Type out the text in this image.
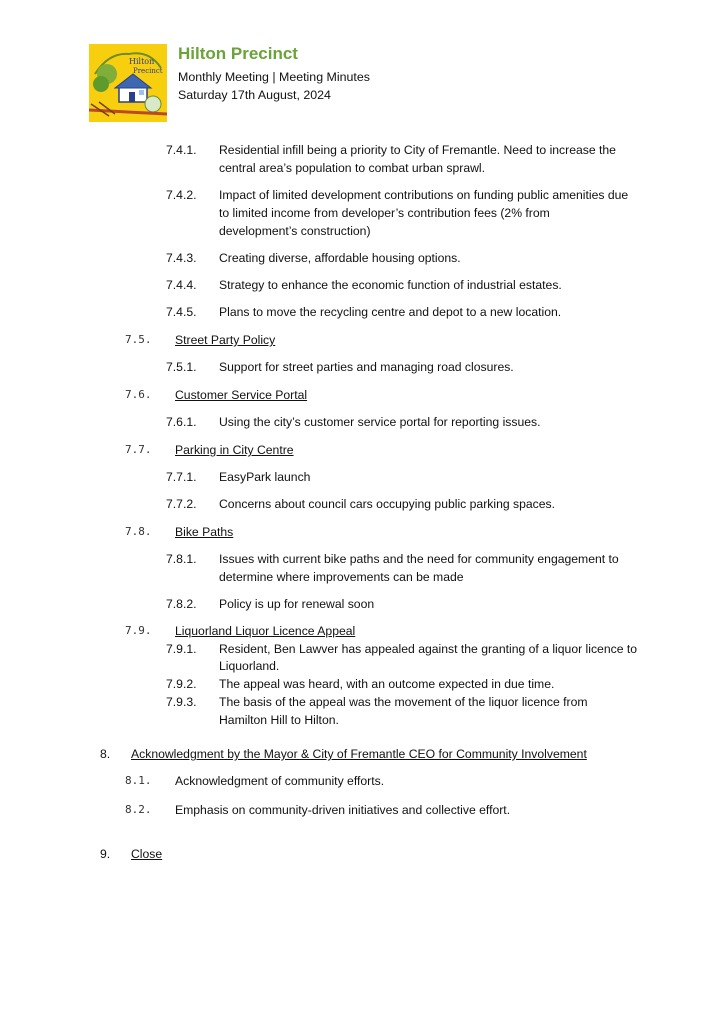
Hilton
Precinct
Hilton Precinct
Monthly Meeting | Meeting Minutes
Saturday 17th August, 2024
7.4.1. Residential infill being a priority to City of Fremantle. Need to increase the
central area’s population to combat urban sprawl.
7.4.2. Impact of limited development contributions on funding public amenities due
to limited income from developer’s contribution fees (2% from
development’s construction)
7.4.3. Creating diverse, affordable housing options.
7.4.4. Strategy to enhance the economic function of industrial estates.
7.4.5. Plans to move the recycling centre and depot to a new location.
7.5. Street Party Policy
7.5.1. Support for street parties and managing road closures.
7.6. Customer Service Portal
7.6.1. Using the city’s customer service portal for reporting issues.
7.7. Parking in City Centre
7.7.1. EasyPark launch
7.7.2. Concerns about council cars occupying public parking spaces.
7.8. Bike Paths
7.8.1. Issues with current bike paths and the need for community engagement to
determine where improvements can be made
7.8.2. Policy is up for renewal soon
7.9. Liquorland Liquor Licence Appeal
7.9.1. Resident, Ben Lawver has appealed against the granting of a liquor licence to
Liquorland.
7.9.2. The appeal was heard, with an outcome expected in due time.
7.9.3. The basis of the appeal was the movement of the liquor licence from
Hamilton Hill to Hilton.
8. Acknowledgment by the Mayor & City of Fremantle CEO for Community Involvement
8.1. Acknowledgment of community efforts.
8.2. Emphasis on community-driven initiatives and collective effort.
9. Close
